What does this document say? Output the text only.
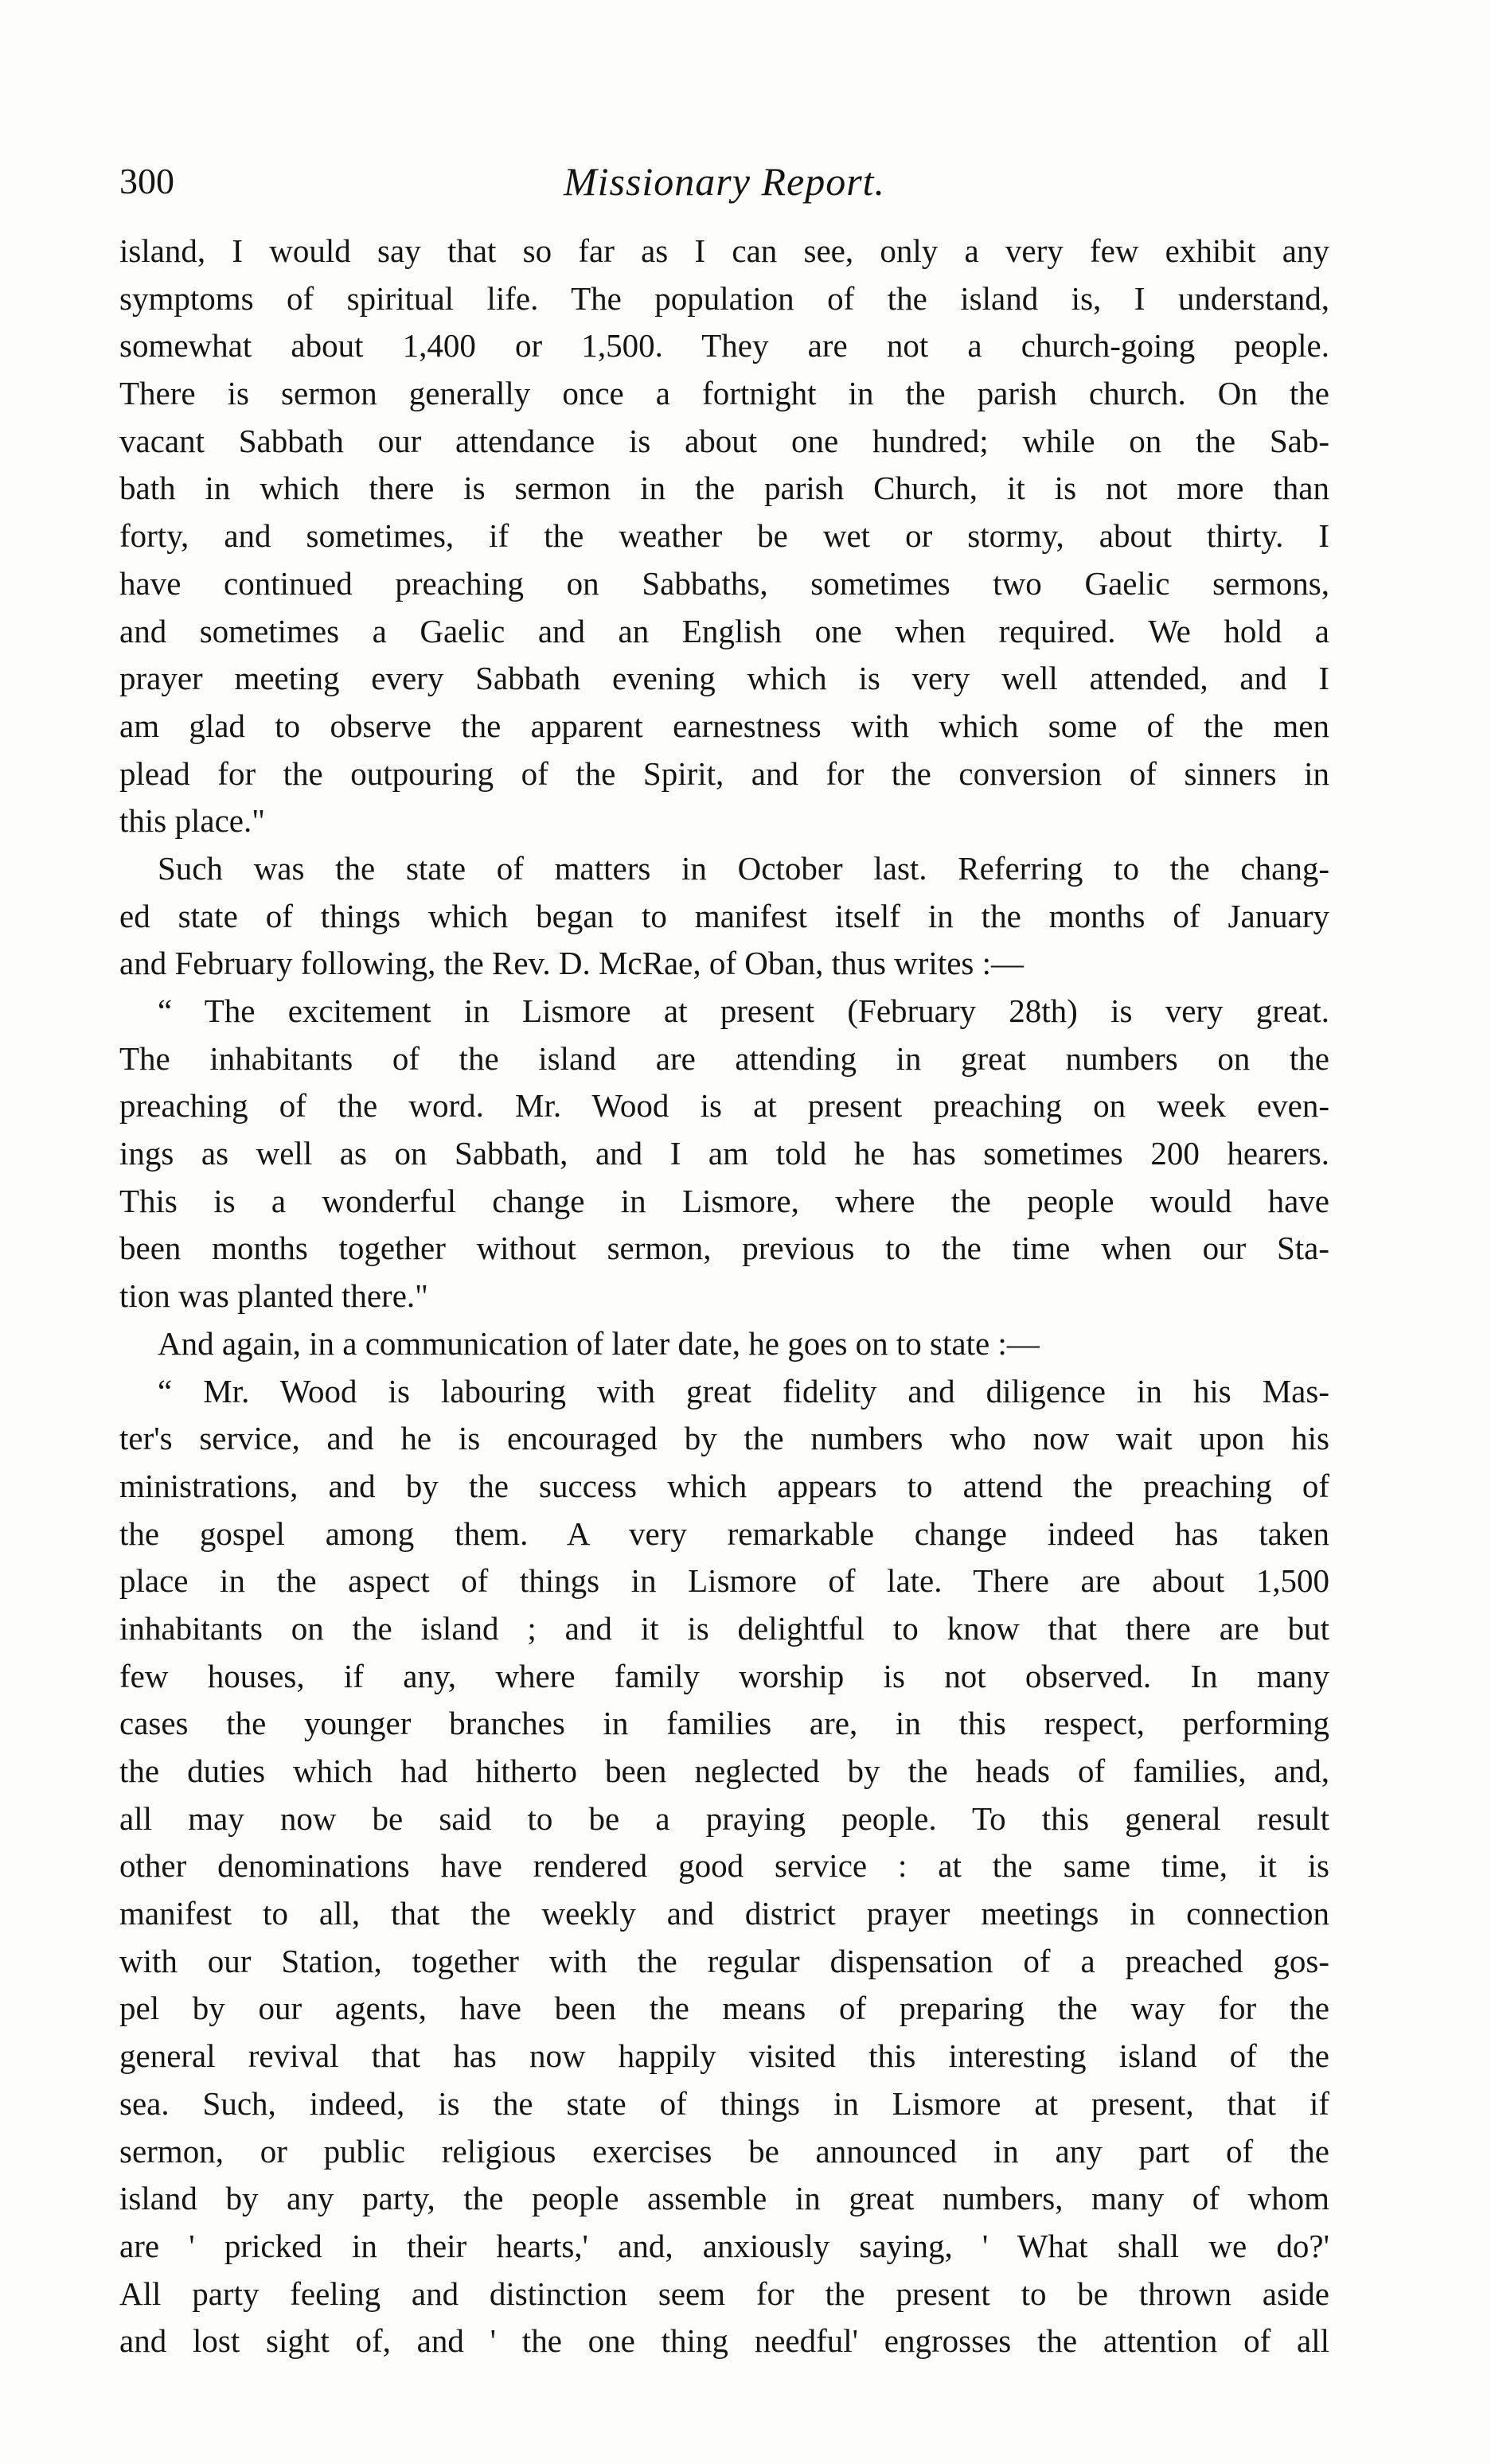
300	Missionary Report.
island, I would say that so far as I can see, only a very few exhibit any
symptoms of spiritual life. The population of the island is, I understand,
somewhat about 1,400 or 1,500. They are not a church-going people.
There is sermon generally once a fortnight in the parish church. On the
vacant Sabbath our attendance is about one hundred; while on the Sab-
bath in which there is sermon in the parish Church, it is not more than
forty, and sometimes, if the weather be wet or stormy, about thirty. I
have continued preaching on Sabbaths, sometimes two Gaelic sermons,
and sometimes a Gaelic and an English one when required. We hold a
prayer meeting every Sabbath evening which is very well attended, and I
am glad to observe the apparent earnestness with which some of the men
plead for the outpouring of the Spirit, and for the conversion of sinners in
this place."
Such was the state of matters in October last. Referring to the chang-
ed state of things which began to manifest itself in the months of January
and February following, the Rev. D. McRae, of Oban, thus writes :—
“ The excitement in Lismore at present (February 28th) is very great.
The inhabitants of the island are attending in great numbers on the
preaching of the word. Mr. Wood is at present preaching on week even-
ings as well as on Sabbath, and I am told he has sometimes 200 hearers.
This is a wonderful change in Lismore, where the people would have
been months together without sermon, previous to the time when our Sta-
tion was planted there."
And again, in a communication of later date, he goes on to state :—
“ Mr. Wood is labouring with great fidelity and diligence in his Mas-
ter's service, and he is encouraged by the numbers who now wait upon his
ministrations, and by the success which appears to attend the preaching of
the gospel among them. A very remarkable change indeed has taken
place in the aspect of things in Lismore of late. There are about 1,500
inhabitants on the island ; and it is delightful to know that there are but
few houses, if any, where family worship is not observed. In many
cases the younger branches in families are, in this respect, performing
the duties which had hitherto been neglected by the heads of families, and,
all may now be said to be a praying people. To this general result
other denominations have rendered good service : at the same time, it is
manifest to all, that the weekly and district prayer meetings in connection
with our Station, together with the regular dispensation of a preached gos-
pel by our agents, have been the means of preparing the way for the
general revival that has now happily visited this interesting island of the
sea. Such, indeed, is the state of things in Lismore at present, that if
sermon, or public religious exercises be announced in any part of the
island by any party, the people assemble in great numbers, many of whom
are ' pricked in their hearts,' and, anxiously saying, ' What shall we do?'
All party feeling and distinction seem for the present to be thrown aside
and lost sight of, and ' the one thing needful' engrosses the attention of all
